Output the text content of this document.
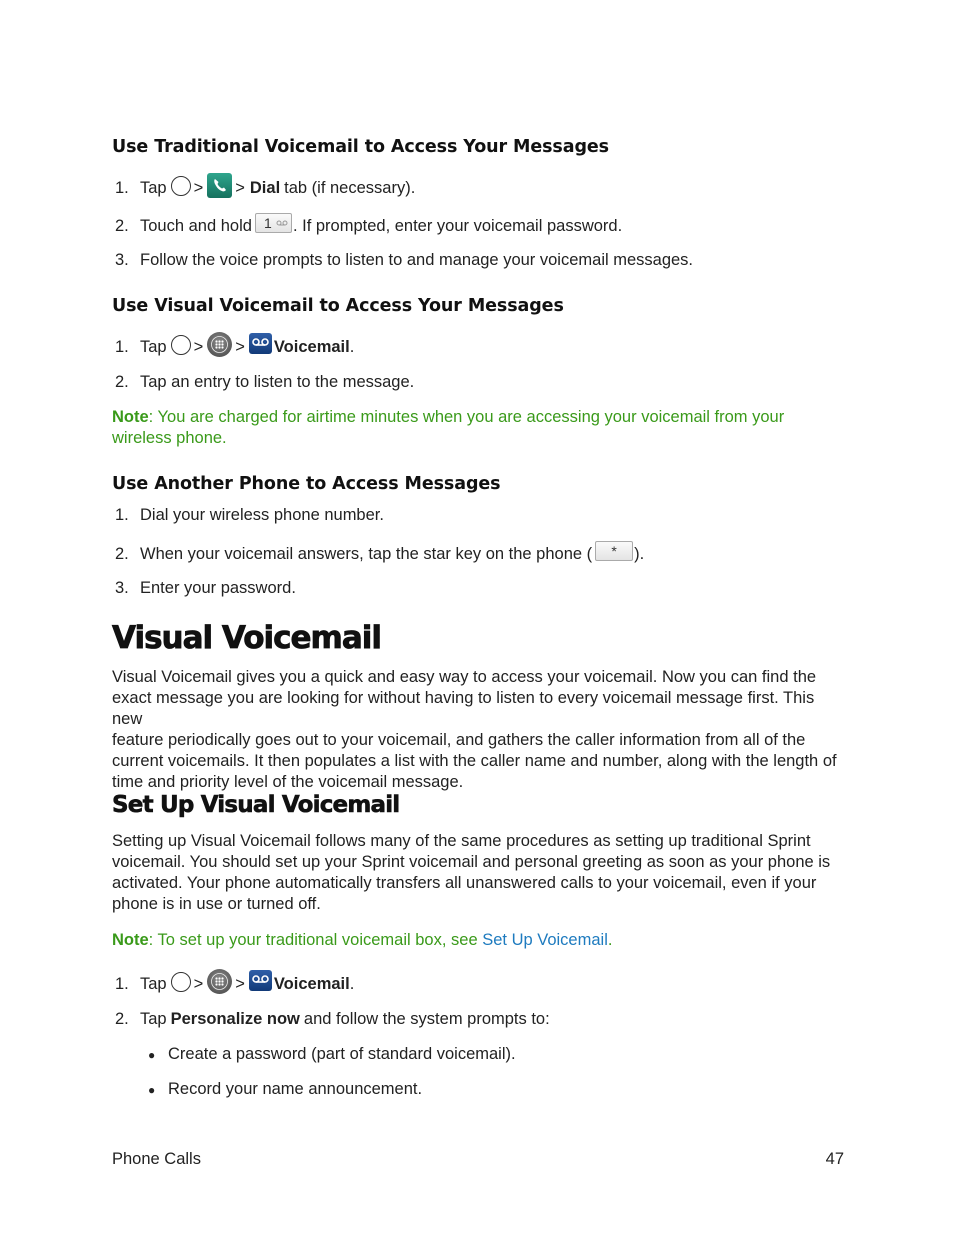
Use Traditional Voicemail to Access Your Messages
1. Tap > > Dial tab (if necessary).
2. Touch and hold 1 . If prompted, enter your voicemail password.
3. Follow the voice prompts to listen to and manage your voicemail messages.
Use Visual Voicemail to Access Your Messages
1. Tap > > Voicemail .
2. Tap an entry to listen to the message.

Note: You are charged for airtime minutes when you are accessing your voicemail from your
wireless phone.

Use Another Phone to Access Messages
1. Dial your wireless phone number.
2. When your voicemail answers, tap the star key on the phone ( * ).
3. Enter your password.
Visual Voicemail

Visual Voicemail gives you a quick and easy way to access your voicemail. Now you can find the
exact message you are looking for without having to listen to every voicemail message first. This new
feature periodically goes out to your voicemail, and gathers the caller information from all of the
current voicemails. It then populates a list with the caller name and number, along with the length of
time and priority level of the voicemail message.

Set Up Visual Voicemail

Setting up Visual Voicemail follows many of the same procedures as setting up traditional Sprint
voicemail. You should set up your Sprint voicemail and personal greeting as soon as your phone is
activated. Your phone automatically transfers all unanswered calls to your voicemail, even if your
phone is in use or turned off.

Note: To set up your traditional voicemail box, see Set Up Voicemail.

1. Tap > > Voicemail .
2. Tap Personalize now and follow the system prompts to:
● Create a password (part of standard voicemail).
● Record your name announcement.
Phone Calls	47
